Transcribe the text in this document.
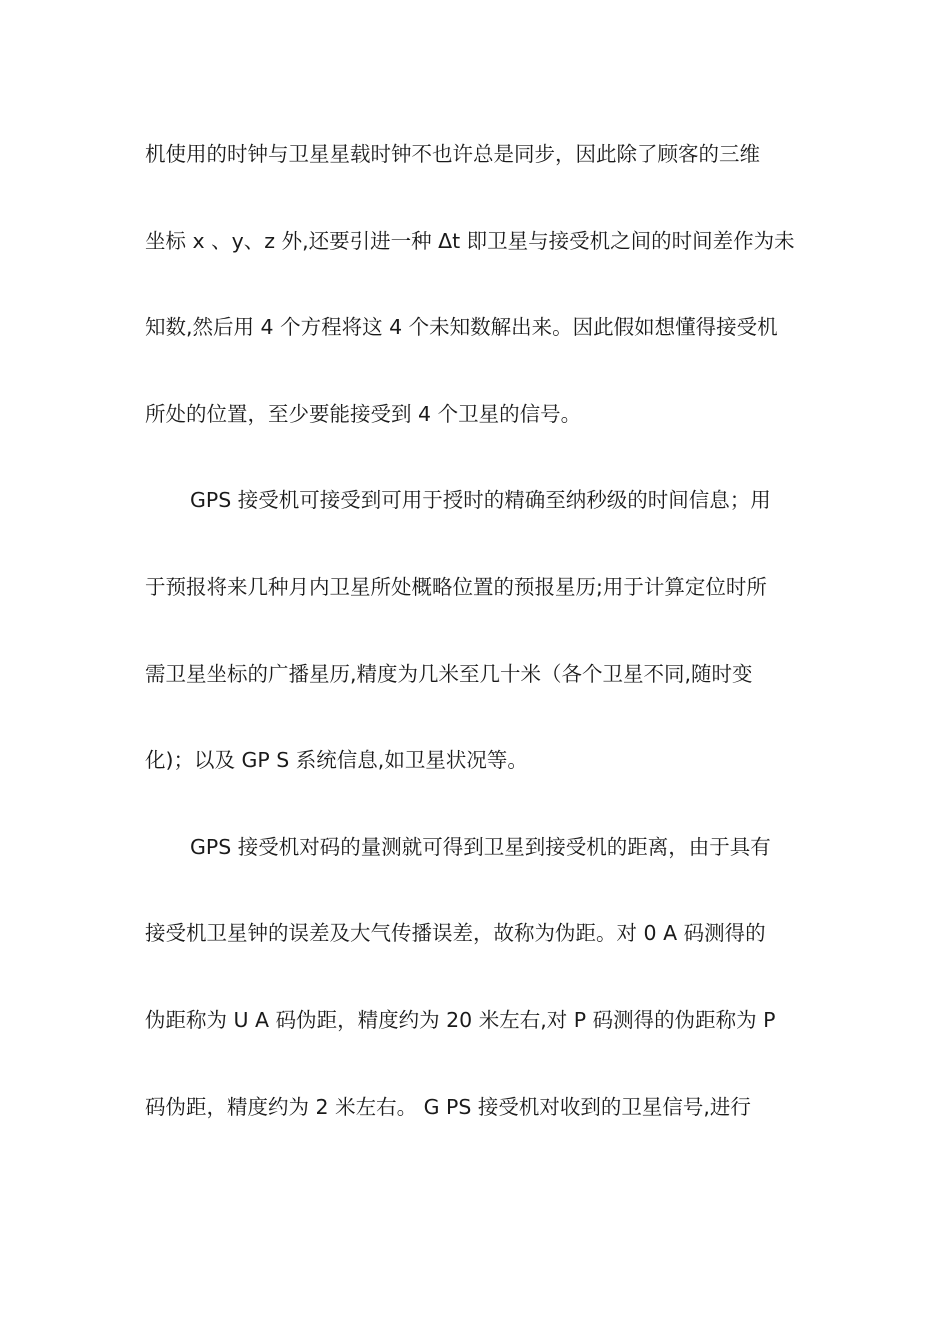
机使用的时钟与卫星星载时钟不也许总是同步，因此除了顾客的三维
坐标 x 、y、z 外,还要引进一种 Δt 即卫星与接受机之间的时间差作为未
知数,然后用 4 个方程将这 4 个未知数解出来。因此假如想懂得接受机
所处的位置，至少要能接受到 4 个卫星的信号。
GPS 接受机可接受到可用于授时的精确至纳秒级的时间信息；用
于预报将来几种月内卫星所处概略位置的预报星历;用于计算定位时所
需卫星坐标的广播星历,精度为几米至几十米（各个卫星不同,随时变
化)；以及 GP S 系统信息,如卫星状况等。
GPS 接受机对码的量测就可得到卫星到接受机的距离，由于具有
接受机卫星钟的误差及大气传播误差，故称为伪距。对 0 A 码测得的
伪距称为 U A 码伪距，精度约为 20 米左右,对 P 码测得的伪距称为 P
码伪距，精度约为 2 米左右。 G PS 接受机对收到的卫星信号,进行
